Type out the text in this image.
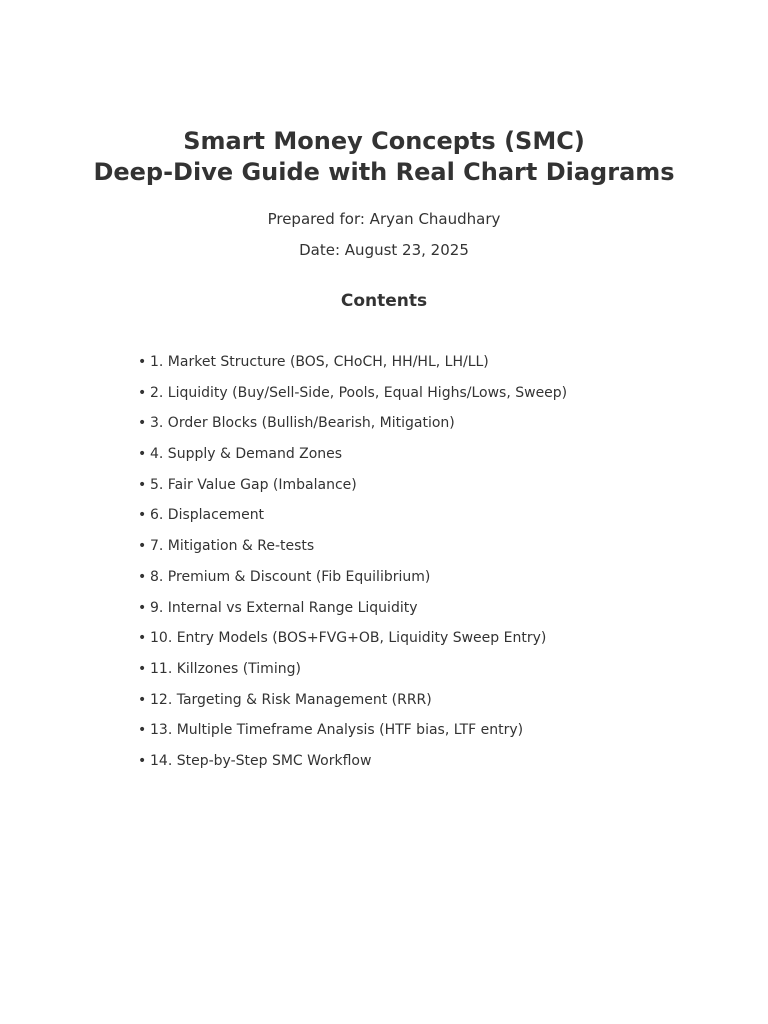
Smart Money Concepts (SMC)
Deep-Dive Guide with Real Chart Diagrams
Prepared for: Aryan Chaudhary
Date: August 23, 2025
Contents
• 1. Market Structure (BOS, CHoCH, HH/HL, LH/LL)
• 2. Liquidity (Buy/Sell-Side, Pools, Equal Highs/Lows, Sweep)
• 3. Order Blocks (Bullish/Bearish, Mitigation)
• 4. Supply & Demand Zones
• 5. Fair Value Gap (Imbalance)
• 6. Displacement
• 7. Mitigation & Re-tests
• 8. Premium & Discount (Fib Equilibrium)
• 9. Internal vs External Range Liquidity
• 10. Entry Models (BOS+FVG+OB, Liquidity Sweep Entry)
• 11. Killzones (Timing)
• 12. Targeting & Risk Management (RRR)
• 13. Multiple Timeframe Analysis (HTF bias, LTF entry)
• 14. Step-by-Step SMC Workflow
